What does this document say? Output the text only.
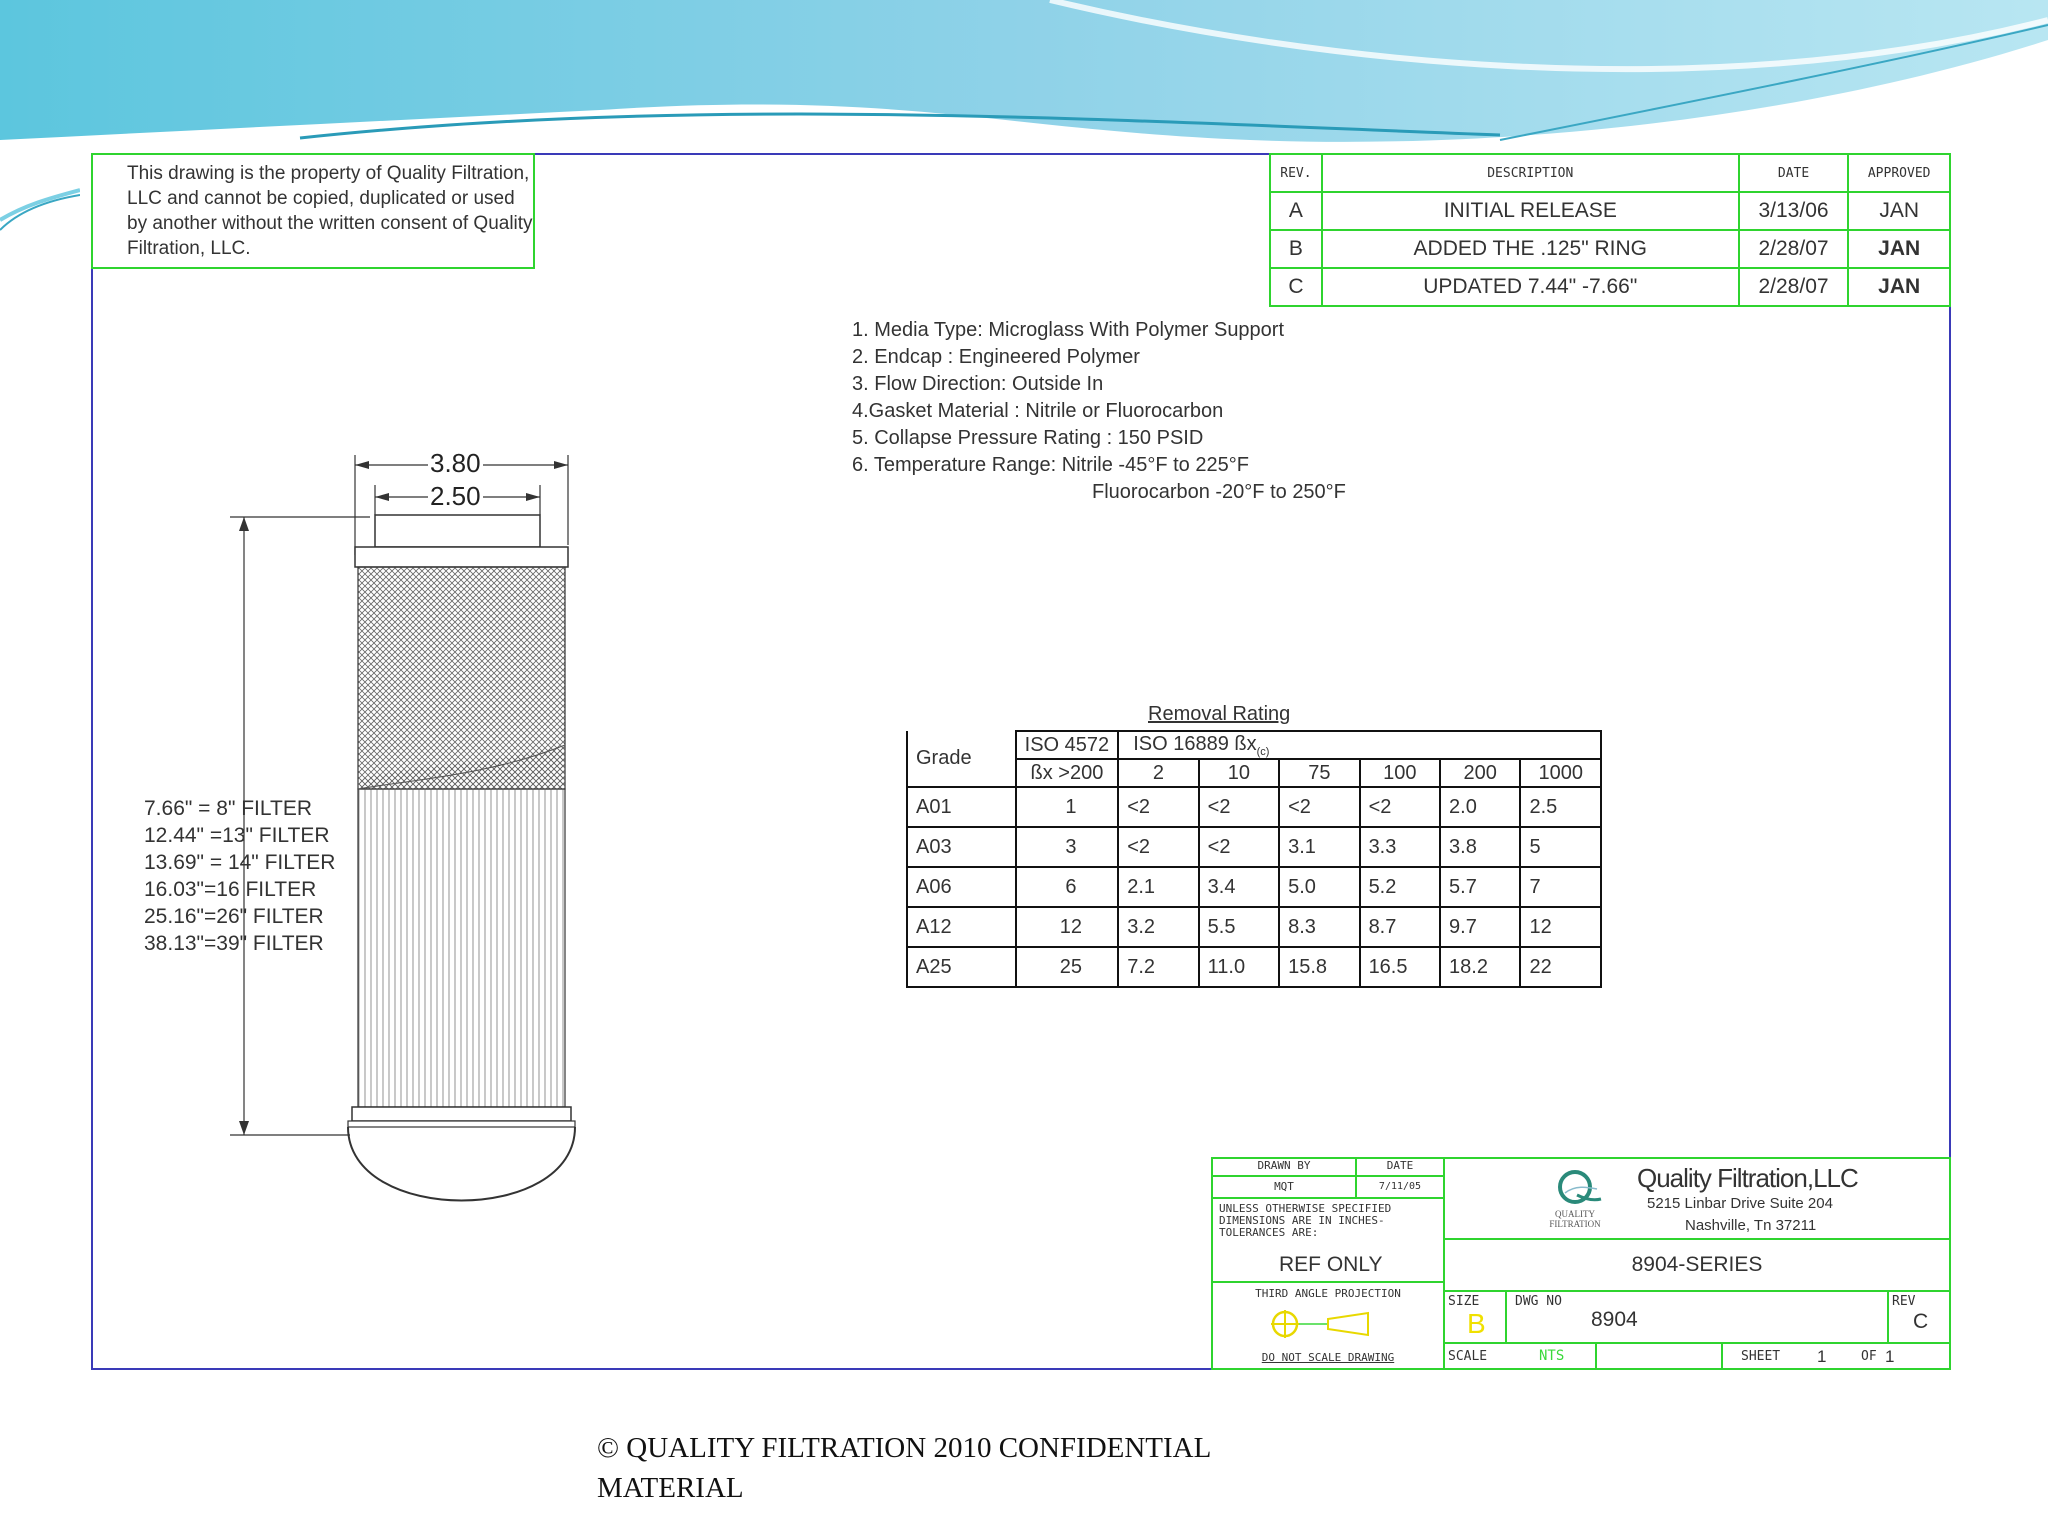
This drawing is the property of Quality Filtration, LLC and cannot be copied, duplicated or used by another without the written consent of Quality Filtration, LLC.
REV.	DESCRIPTION	DATE	APPROVED
A	INITIAL RELEASE	3/13/06	JAN
B	ADDED THE .125" RING	2/28/07	JAN
C	UPDATED 7.44" -7.66"	2/28/07	JAN
1. Media Type: Microglass With Polymer Support
2. Endcap : Engineered Polymer
3. Flow Direction: Outside In
4.Gasket Material : Nitrile or Fluorocarbon
5. Collapse Pressure Rating : 150 PSID
6. Temperature Range: Nitrile -45°F to 225°F
Fluorocarbon -20°F to 250°F
3.80
2.50
7.66" = 8" FILTER
12.44" =13" FILTER
13.69" = 14" FILTER
16.03"=16 FILTER
25.16"=26" FILTER
38.13"=39" FILTER
Removal Rating
Grade	ISO 4572	ISO 16889 $ßx_{(c)}$
	ßx >200	2	10	75	100	200	1000
A01	1	<2	<2	<2	<2	2.0	2.5
A03	3	<2	<2	3.1	3.3	3.8	5
A06	6	2.1	3.4	5.0	5.2	5.7	7
A12	12	3.2	5.5	8.3	8.7	9.7	12
A25	25	7.2	11.0	15.8	16.5	18.2	22
DRAWN BY	DATE
MQT	7/11/05
UNLESS OTHERWISE SPECIFIED DIMENSIONS ARE IN INCHES- TOLERANCES ARE:
REF ONLY
THIRD ANGLE PROJECTION
DO NOT SCALE DRAWING
QUALITY
FILTRATION
Quality Filtration,LLC
5215 Linbar Drive Suite 204
Nashville, Tn 37211
8904-SERIES
SIZE
B
DWG NO
8904
REV
C
SCALE	NTS	SHEET 1	OF 1
© QUALITY FILTRATION 2010 CONFIDENTIAL MATERIAL
